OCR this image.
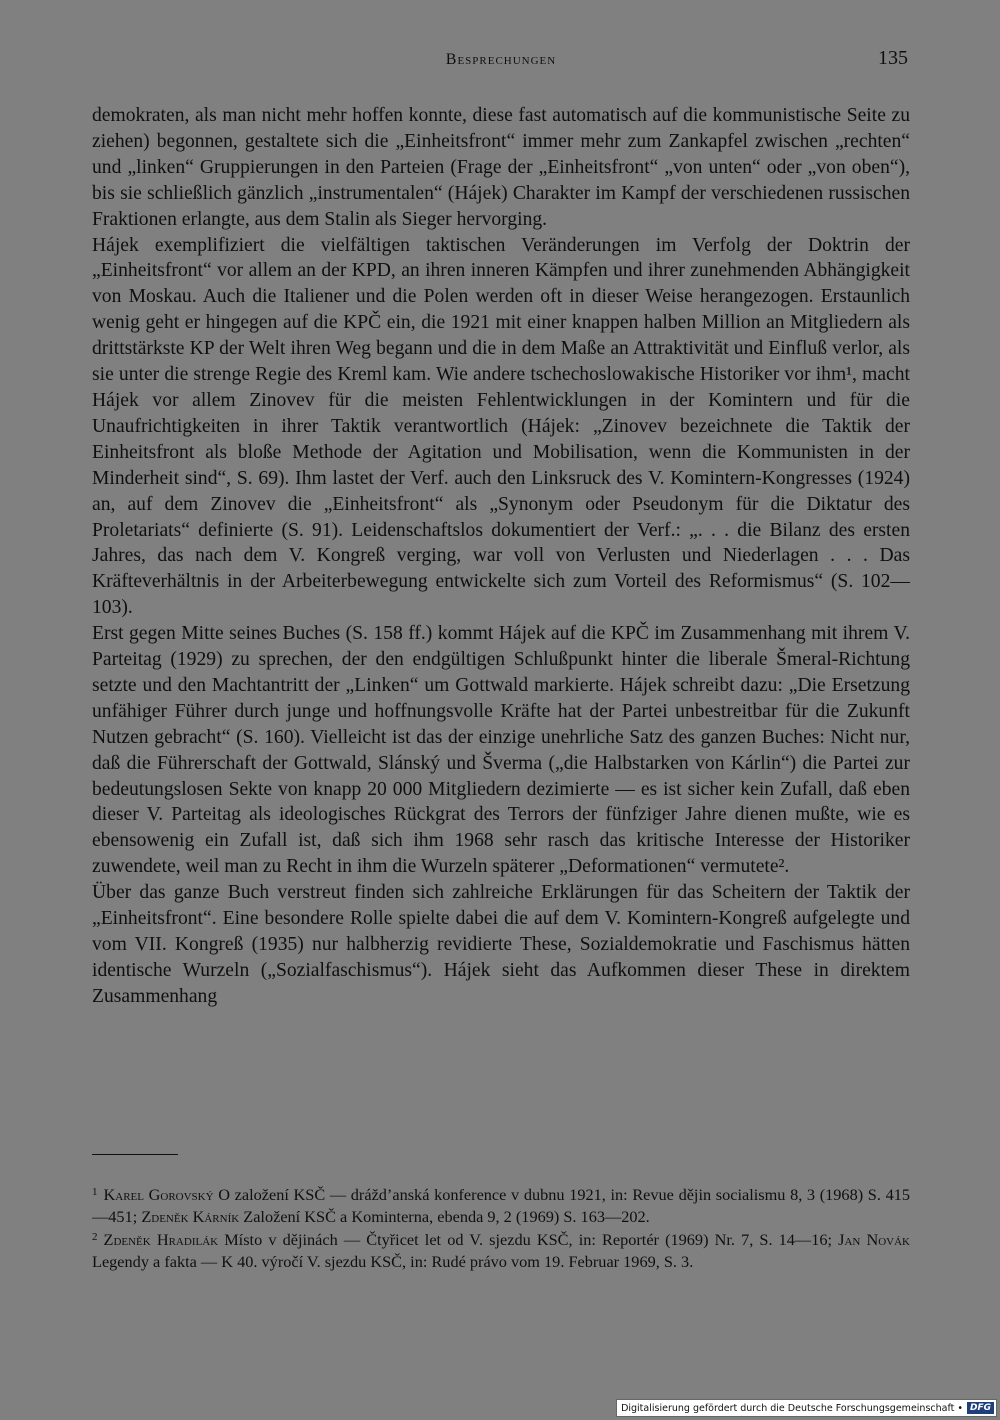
Besprechungen	135

demokraten, als man nicht mehr hoffen konnte, diese fast automatisch auf die kommunistische Seite zu ziehen) begonnen, gestaltete sich die „Einheitsfront“ immer mehr zum Zankapfel zwischen „rechten“ und „linken“ Gruppierungen in den Parteien (Frage der „Einheitsfront“ „von unten“ oder „von oben“), bis sie schließlich gänzlich „instrumentalen“ (Hájek) Charakter im Kampf der verschiedenen russischen Fraktionen erlangte, aus dem Stalin als Sieger hervorging.

Hájek exemplifiziert die vielfältigen taktischen Veränderungen im Verfolg der Doktrin der „Einheitsfront“ vor allem an der KPD, an ihren inneren Kämpfen und ihrer zunehmenden Abhängigkeit von Moskau. Auch die Italiener und die Polen werden oft in dieser Weise herangezogen. Erstaunlich wenig geht er hingegen auf die KPČ ein, die 1921 mit einer knappen halben Million an Mitgliedern als drittstärkste KP der Welt ihren Weg begann und die in dem Maße an Attraktivität und Einfluß verlor, als sie unter die strenge Regie des Kreml kam. Wie andere tschechoslowakische Historiker vor ihm¹, macht Hájek vor allem Zinovev für die meisten Fehlentwicklungen in der Komintern und für die Unaufrichtigkeiten in ihrer Taktik verantwortlich (Hájek: „Zinovev bezeichnete die Taktik der Einheitsfront als bloße Methode der Agitation und Mobilisation, wenn die Kommunisten in der Minderheit sind“, S. 69). Ihm lastet der Verf. auch den Linksruck des V. Komintern-Kongresses (1924) an, auf dem Zinovev die „Einheitsfront“ als „Synonym oder Pseudonym für die Diktatur des Proletariats“ definierte (S. 91). Leidenschaftslos dokumentiert der Verf.: „. . . die Bilanz des ersten Jahres, das nach dem V. Kongreß verging, war voll von Verlusten und Niederlagen . . . Das Kräfteverhältnis in der Arbeiterbewegung entwickelte sich zum Vorteil des Reformismus“ (S. 102—103).

Erst gegen Mitte seines Buches (S. 158 ff.) kommt Hájek auf die KPČ im Zusammenhang mit ihrem V. Parteitag (1929) zu sprechen, der den endgültigen Schlußpunkt hinter die liberale Šmeral-Richtung setzte und den Machtantritt der „Linken“ um Gottwald markierte. Hájek schreibt dazu: „Die Ersetzung unfähiger Führer durch junge und hoffnungsvolle Kräfte hat der Partei unbestreitbar für die Zukunft Nutzen gebracht“ (S. 160). Vielleicht ist das der einzige unehrliche Satz des ganzen Buches: Nicht nur, daß die Führerschaft der Gottwald, Slánský und Šverma („die Halbstarken von Kárlin“) die Partei zur bedeutungslosen Sekte von knapp 20 000 Mitgliedern dezimierte — es ist sicher kein Zufall, daß eben dieser V. Parteitag als ideologisches Rückgrat des Terrors der fünfziger Jahre dienen mußte, wie es ebensowenig ein Zufall ist, daß sich ihm 1968 sehr rasch das kritische Interesse der Historiker zuwendete, weil man zu Recht in ihm die Wurzeln späterer „Deformationen“ vermutete².

Über das ganze Buch verstreut finden sich zahlreiche Erklärungen für das Scheitern der Taktik der „Einheitsfront“. Eine besondere Rolle spielte dabei die auf dem V. Komintern-Kongreß aufgelegte und vom VII. Kongreß (1935) nur halbherzig revidierte These, Sozialdemokratie und Faschismus hätten identische Wurzeln („Sozialfaschismus“). Hájek sieht das Aufkommen dieser These in direktem Zusammenhang

$^1$ Karel Gorovský O založení KSČ — drážd’anská konference v dubnu 1921, in: Revue dějin socialismu 8, 3 (1968) S. 415—451; Zdeněk Kárník Založení KSČ a Kominterna, ebenda 9, 2 (1969) S. 163—202.

$^2$ Zdeněk Hradilák Místo v dějinách — Čtyřicet let od V. sjezdu KSČ, in: Reportér (1969) Nr. 7, S. 14—16; Jan Novák Legendy a fakta — K 40. výročí V. sjezdu KSČ, in: Rudé právo vom 19. Februar 1969, S. 3.

Digitalisierung gefördert durch die Deutsche Forschungsgemeinschaft • DFG
